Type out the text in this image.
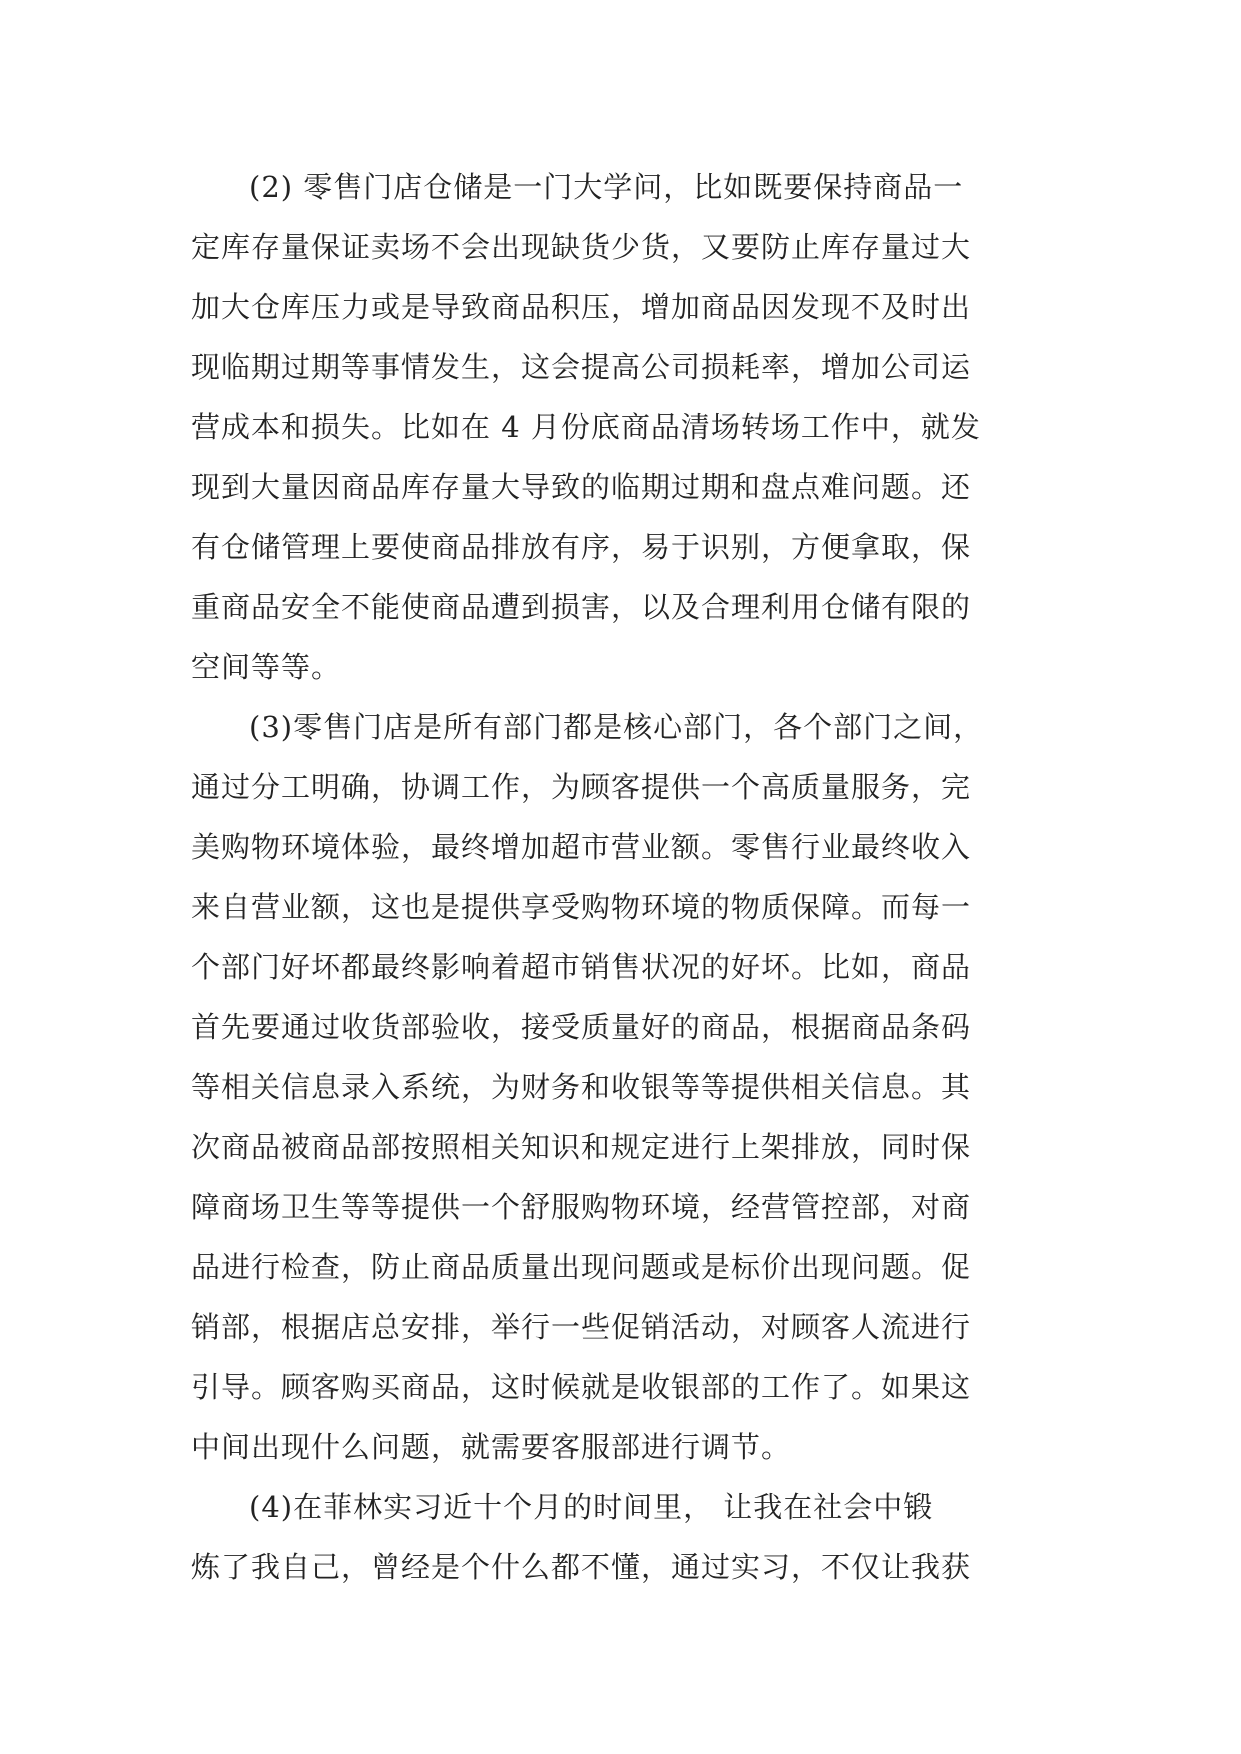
(2) 零售门店仓储是一门大学问，比如既要保持商品一
定库存量保证卖场不会出现缺货少货，又要防止库存量过大
加大仓库压力或是导致商品积压，增加商品因发现不及时出
现临期过期等事情发生，这会提高公司损耗率，增加公司运
营成本和损失。比如在 4 月份底商品清场转场工作中，就发
现到大量因商品库存量大导致的临期过期和盘点难问题。还
有仓储管理上要使商品排放有序，易于识别，方便拿取，保
重商品安全不能使商品遭到损害，以及合理利用仓储有限的
空间等等。
(3)零售门店是所有部门都是核心部门，各个部门之间，
通过分工明确，协调工作，为顾客提供一个高质量服务，完
美购物环境体验，最终增加超市营业额。零售行业最终收入
来自营业额，这也是提供享受购物环境的物质保障。而每一
个部门好坏都最终影响着超市销售状况的好坏。比如，商品
首先要通过收货部验收，接受质量好的商品，根据商品条码
等相关信息录入系统，为财务和收银等等提供相关信息。其
次商品被商品部按照相关知识和规定进行上架排放，同时保
障商场卫生等等提供一个舒服购物环境，经营管控部，对商
品进行检查，防止商品质量出现问题或是标价出现问题。促
销部，根据店总安排，举行一些促销活动，对顾客人流进行
引导。顾客购买商品，这时候就是收银部的工作了。如果这
中间出现什么问题，就需要客服部进行调节。
(4)在菲林实习近十个月的时间里， 让我在社会中锻
炼了我自己，曾经是个什么都不懂，通过实习，不仅让我获
